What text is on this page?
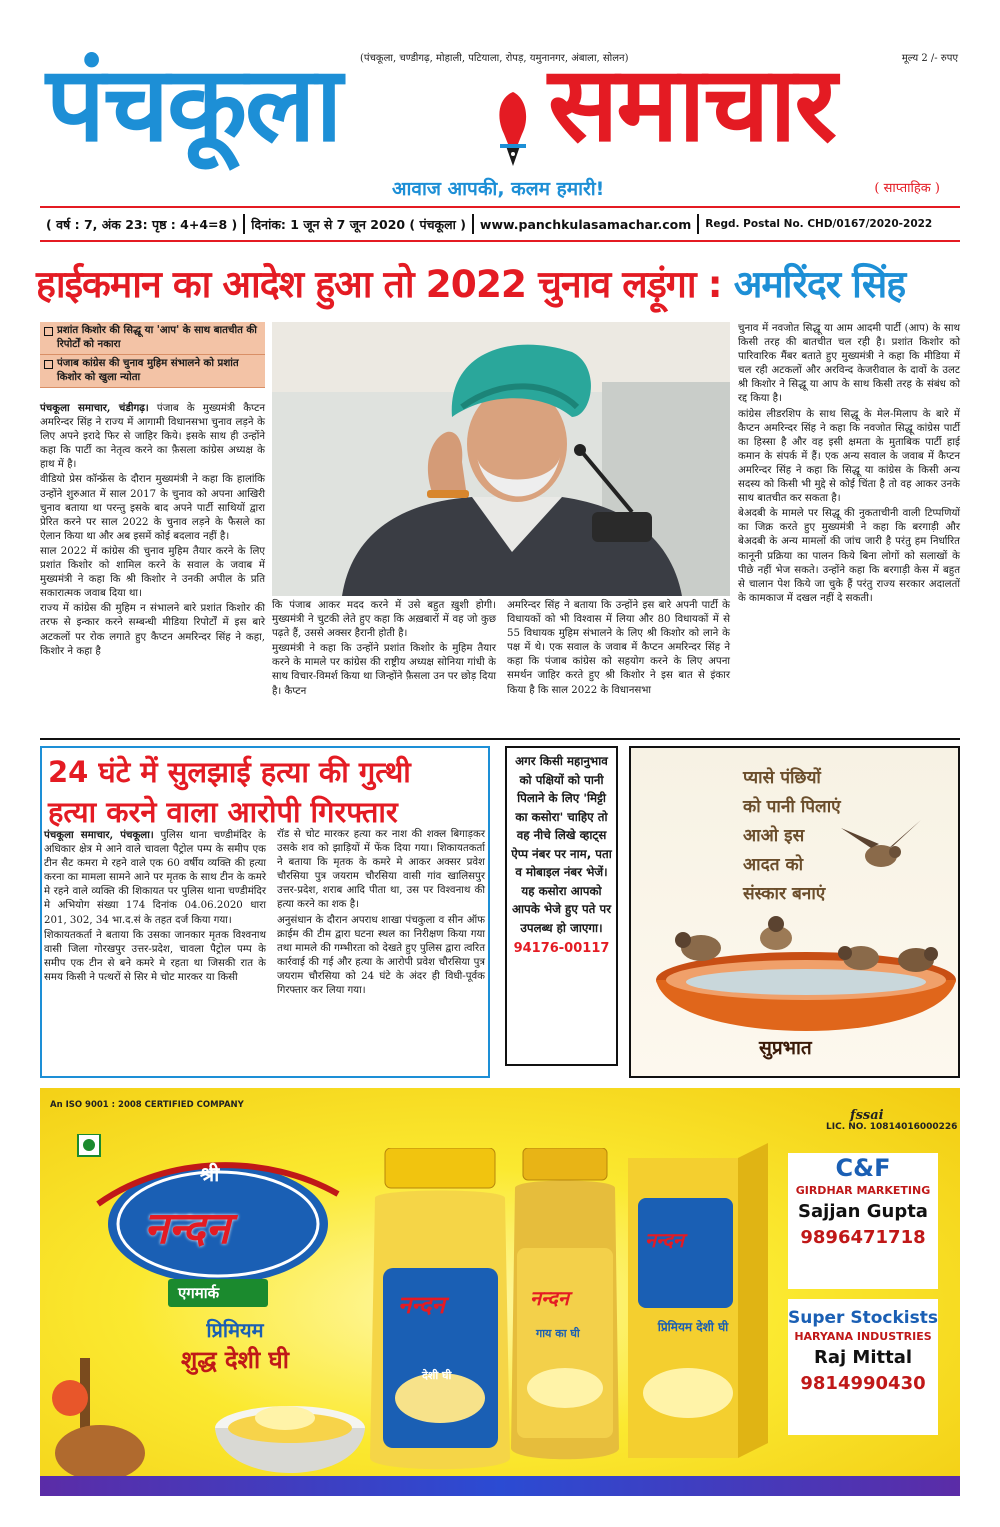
(पंचकूला, चण्डीगढ़, मोहाली, पटियाला, रोपड़, यमुनानगर, अंबाला, सोलन)	मूल्य 2 /- रुपए
पंचकूला समाचार
आवाज आपकी, कलम हमारी!	( साप्ताहिक )
( वर्ष : 7, अंक 23: पृष्ठ : 4+4=8 )	दिनांक: 1 जून से 7 जून 2020 ( पंचकूला )	www.panchkulasamachar.com	Regd. Postal No. CHD/0167/2020-2022
हाईकमान का आदेश हुआ तो 2022 चुनाव लड़ूंगा : अमरिंदर सिंह
प्रशांत किशोर की सिद्धू या 'आप' के साथ बातचीत की रिपोर्टों को नकारा
पंजाब कांग्रेस की चुनाव मुहिम संभालने को प्रशांत किशोर को खुला न्योता

पंचकूला समाचार, चंडीगढ़। पंजाब के मुख्यमंत्री कैप्टन अमरिन्दर सिंह ने राज्य में आगामी विधानसभा चुनाव लड़ने के लिए अपने इरादे फिर से जाहिर किये। इसके साथ ही उन्होंने कहा कि पार्टी का नेतृत्व करने का फ़ैसला कांग्रेस अध्यक्ष के हाथ में है।

वीडियो प्रेस कॉन्फ्रेंस के दौरान मुख्यमंत्री ने कहा कि हालांकि उन्होंने शुरुआत में साल 2017 के चुनाव को अपना आखिरी चुनाव बताया था परन्तु इसके बाद अपने पार्टी साथियों द्वारा प्रेरित करने पर साल 2022 के चुनाव लड़ने के फैसले का ऐलान किया था और अब इसमें कोई बदलाव नहीं है।

साल 2022 में कांग्रेस की चुनाव मुहिम तैयार करने के लिए प्रशांत किशोर को शामिल करने के सवाल के जवाब में मुख्यमंत्री ने कहा कि श्री किशोर ने उनकी अपील के प्रति सकारात्मक जवाब दिया था।

राज्य में कांग्रेस की मुहिम न संभालने बारे प्रशांत किशोर की तरफ से इन्कार करने सम्बन्धी मीडिया रिपोर्टों में इस बारे अटकलों पर रोक लगाते हुए कैप्टन अमरिन्दर सिंह ने कहा, किशोर ने कहा है

कि पंजाब आकर मदद करने में उसे बहुत ख़ुशी होगी। मुख्यमंत्री ने चुटकी लेते हुए कहा कि अख़बारों में वह जो कुछ पढ़ते हैं, उससे अक्सर हैरानी होती है।

मुख्यमंत्री ने कहा कि उन्होंने प्रशांत किशोर के मुहिम तैयार करने के मामले पर कांग्रेस की राष्ट्रीय अध्यक्ष सोनिया गांधी के साथ विचार-विमर्श किया था जिन्होंने फ़ैसला उन पर छोड़ दिया है। कैप्टन

अमरिन्दर सिंह ने बताया कि उन्होंने इस बारे अपनी पार्टी के विधायकों को भी विश्वास में लिया और 80 विधायकों में से 55 विधायक मुहिम संभालने के लिए श्री किशोर को लाने के पक्ष में थे। एक सवाल के जवाब में कैप्टन अमरिन्दर सिंह ने कहा कि पंजाब कांग्रेस को सहयोग करने के लिए अपना समर्थन जाहिर करते हुए श्री किशोर ने इस बात से इंकार किया है कि साल 2022 के विधानसभा

चुनाव में नवजोत सिद्धू या आम आदमी पार्टी (आप) के साथ किसी तरह की बातचीत चल रही है। प्रशांत किशोर को पारिवारिक मैंबर बताते हुए मुख्यमंत्री ने कहा कि मीडिया में चल रही अटकलों और अरविन्द केजरीवाल के दावों के उलट श्री किशोर ने सिद्धू या आप के साथ किसी तरह के संबंध को रद्द किया है।

कांग्रेस लीडरशिप के साथ सिद्धू के मेल-मिलाप के बारे में कैप्टन अमरिन्दर सिंह ने कहा कि नवजोत सिद्धू कांग्रेस पार्टी का हिस्सा है और वह इसी क्षमता के मुताबिक पार्टी हाई कमान के संपर्क में हैं। एक अन्य सवाल के जवाब में कैप्टन अमरिन्दर सिंह ने कहा कि सिद्धू या कांग्रेस के किसी अन्य सदस्य को किसी भी मुद्दे से कोई चिंता है तो वह आकर उनके साथ बातचीत कर सकता है।

बेअदबी के मामले पर सिद्धू की नुकताचीनी वाली टिप्पणियों का जिक्र करते हुए मुख्यमंत्री ने कहा कि बरगाड़ी और बेअदबी के अन्य मामलों की जांच जारी है परंतु हम निर्धारित कानूनी प्रक्रिया का पालन किये बिना लोगों को सलाखों के पीछे नहीं भेज सकते। उन्होंने कहा कि बरगाड़ी केस में बहुत से चालान पेश किये जा चुके हैं परंतु राज्य सरकार अदालतों के कामकाज में दखल नहीं दे सकती।

24 घंटे में सुलझाई हत्या की गुत्थी
हत्या करने वाला आरोपी गिरफ्तार

पंचकूला समाचार, पंचकूला। पुलिस थाना चण्डीमंदिर के अधिकार क्षेत्र मे आने वाले चावला पैट्रोल पम्प के समीप एक टीन सैट कमरा मे रहने वाले एक 60 वर्षीय व्यक्ति की हत्या करना का मामला सामने आने पर मृतक के साथ टीन के कमरे मे रहने वाले व्यक्ति की शिकायत पर पुलिस थाना चण्डीमंदिर मे अभियोग संख्या 174 दिनांक 04.06.2020 धारा 201, 302, 34 भा.द.सं के तहत दर्ज किया गया।

शिकायतकर्ता ने बताया कि उसका जानकार मृतक विश्वनाथ वासी जिला गोरखपुर उत्तर-प्रदेश, चावला पैट्रोल पम्प के समीप एक टीन से बने कमरे मे रहता था जिसकी रात के समय किसी ने पत्थरों से सिर मे चोट मारकर या किसी

रॉड से चोट मारकर हत्या कर नाश की शक्ल बिगाड़कर उसके शव को झाड़ियों में फेंक दिया गया। शिकायतकर्ता ने बताया कि मृतक के कमरे मे आकर अक्सर प्रवेश चौरसिया पुत्र जयराम चौरसिया वासी गांव खालिसपुर उत्तर-प्रदेश, शराब आदि पीता था, उस पर विश्वनाथ की हत्या करने का शक है।

अनुसंधान के दौरान अपराध शाखा पंचकुला व सीन ऑफ क्राईम की टीम द्वारा घटना स्थल का निरीक्षण किया गया तथा मामले की गम्भीरता को देखते हुए पुलिस द्वारा त्वरित कार्रवाई की गई और हत्या के आरोपी प्रवेश चौरसिया पुत्र जयराम चौरसिया को 24 घंटे के अंदर ही विधी-पूर्वक गिरफ्तार कर लिया गया।

अगर किसी महानुभाव को पक्षियों को पानी पिलाने के लिए 'मिट्टी का कसोरा' चाहिए तो वह नीचे लिखे व्हाट्स ऐप्प नंबर पर नाम, पता व मोबाइल नंबर भेजें। यह कसोरा आपको आपके भेजे हुए पते पर उपलब्ध हो जाएगा।
94176-00117
प्यासे पंछियों
को पानी पिलाएं
आओ इस
आदत को
संस्कार बनाएं
सुप्रभात
An ISO 9001 : 2008 CERTIFIED COMPANY
fssai
LIC. NO. 10814016000226
श्री
नन्दन
एगमार्क
प्रिमियम
शुद्ध देशी घी
नन्दन
देशी घी
नन्दन
गाय का घी
नन्दन
प्रिमियम देशी घी
C&F
GIRDHAR MARKETING
Sajjan Gupta
9896471718
Super Stockists
HARYANA INDUSTRIES
Raj Mittal
9814990430
